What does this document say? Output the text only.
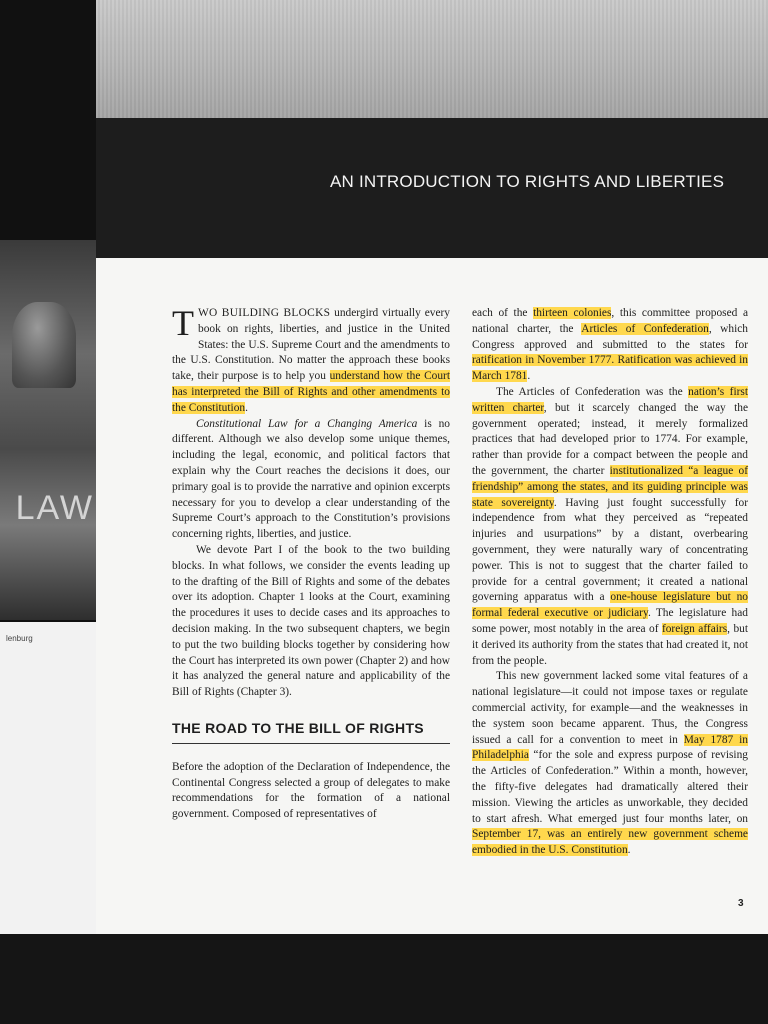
LAW
lenburg
AN INTRODUCTION TO RIGHTS AND LIBERTIES

TWO BUILDING BLOCKS undergird virtually every book on rights, liberties, and justice in the United States: the U.S. Supreme Court and the amendments to the U.S. Constitution. No matter the approach these books take, their purpose is to help you understand how the Court has interpreted the Bill of Rights and other amendments to the Constitution.

Constitutional Law for a Changing America is no different. Although we also develop some unique themes, including the legal, economic, and political factors that explain why the Court reaches the decisions it does, our primary goal is to provide the narrative and opinion excerpts necessary for you to develop a clear understanding of the Supreme Court’s approach to the Constitution’s provisions concerning rights, liberties, and justice.

We devote Part I of the book to the two building blocks. In what follows, we consider the events leading up to the drafting of the Bill of Rights and some of the debates over its adoption. Chapter 1 looks at the Court, examining the procedures it uses to decide cases and its approaches to decision making. In the two subsequent chapters, we begin to put the two building blocks together by considering how the Court has interpreted its own power (Chapter 2) and how it has analyzed the general nature and applicability of the Bill of Rights (Chapter 3).

THE ROAD TO THE BILL OF RIGHTS

Before the adoption of the Declaration of Independence, the Continental Congress selected a group of delegates to make recommendations for the formation of a national government. Composed of representatives of

each of the thirteen colonies, this committee proposed a national charter, the Articles of Confederation, which Congress approved and submitted to the states for ratification in November 1777. Ratification was achieved in March 1781.

The Articles of Confederation was the nation’s first written charter, but it scarcely changed the way the government operated; instead, it merely formalized practices that had developed prior to 1774. For example, rather than provide for a compact between the people and the government, the charter institutionalized “a league of friendship” among the states, and its guiding principle was state sovereignty. Having just fought successfully for independence from what they perceived as “repeated injuries and usurpations” by a distant, overbearing government, they were naturally wary of concentrating power. This is not to suggest that the charter failed to provide for a central government; it created a national governing apparatus with a one-house legislature but no formal federal executive or judiciary. The legislature had some power, most notably in the area of foreign affairs, but it derived its authority from the states that had created it, not from the people.

This new government lacked some vital features of a national legislature—it could not impose taxes or regulate commercial activity, for example—and the weaknesses in the system soon became apparent. Thus, the Congress issued a call for a convention to meet in May 1787 in Philadelphia “for the sole and express purpose of revising the Articles of Confederation.” Within a month, however, the fifty-five delegates had dramatically altered their mission. Viewing the articles as unworkable, they decided to start afresh. What emerged just four months later, on September 17, was an entirely new government scheme embodied in the U.S. Constitution.

3
